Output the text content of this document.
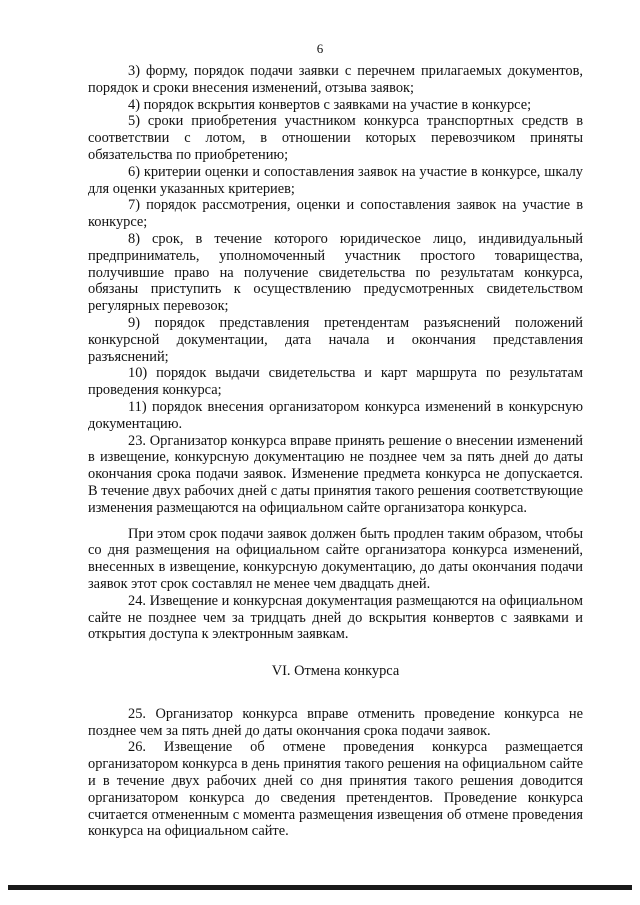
6

3) форму, порядок подачи заявки с перечнем прилагаемых документов, порядок и сроки внесения изменений, отзыва заявок;

4) порядок вскрытия конвертов с заявками на участие в конкурсе;

5) сроки приобретения участником конкурса транспортных средств в соответствии с лотом, в отношении которых перевозчиком приняты обязательства по приобретению;

6) критерии оценки и сопоставления заявок на участие в конкурсе, шкалу для оценки указанных критериев;

7) порядок рассмотрения, оценки и сопоставления заявок на участие в конкурсе;

8) срок, в течение которого юридическое лицо, индивидуальный предприниматель, уполномоченный участник простого товарищества, получившие право на получение свидетельства по результатам конкурса, обязаны приступить к осуществлению предусмотренных свидетельством регулярных перевозок;

9) порядок представления претендентам разъяснений положений конкурсной документации, дата начала и окончания представления разъяснений;

10) порядок выдачи свидетельства и карт маршрута по результатам проведения конкурса;

11) порядок внесения организатором конкурса изменений в конкурсную документацию.

23. Организатор конкурса вправе принять решение о внесении изменений в извещение, конкурсную документацию не позднее чем за пять дней до даты окончания срока подачи заявок. Изменение предмета конкурса не допускается. В течение двух рабочих дней с даты принятия такого решения соответствующие изменения размещаются на официальном сайте организатора конкурса.

При этом срок подачи заявок должен быть продлен таким образом, чтобы со дня размещения на официальном сайте организатора конкурса изменений, внесенных в извещение, конкурсную документацию, до даты окончания подачи заявок этот срок составлял не менее чем двадцать дней.

24. Извещение и конкурсная документация размещаются на официальном сайте не позднее чем за тридцать дней до вскрытия конвертов с заявками и открытия доступа к электронным заявкам.

VI. Отмена конкурса

25. Организатор конкурса вправе отменить проведение конкурса не позднее чем за пять дней до даты окончания срока подачи заявок.

26. Извещение об отмене проведения конкурса размещается организатором конкурса в день принятия такого решения на официальном сайте и в течение двух рабочих дней со дня принятия такого решения доводится организатором конкурса до сведения претендентов. Проведение конкурса считается отмененным с момента размещения извещения об отмене проведения конкурса на официальном сайте.
